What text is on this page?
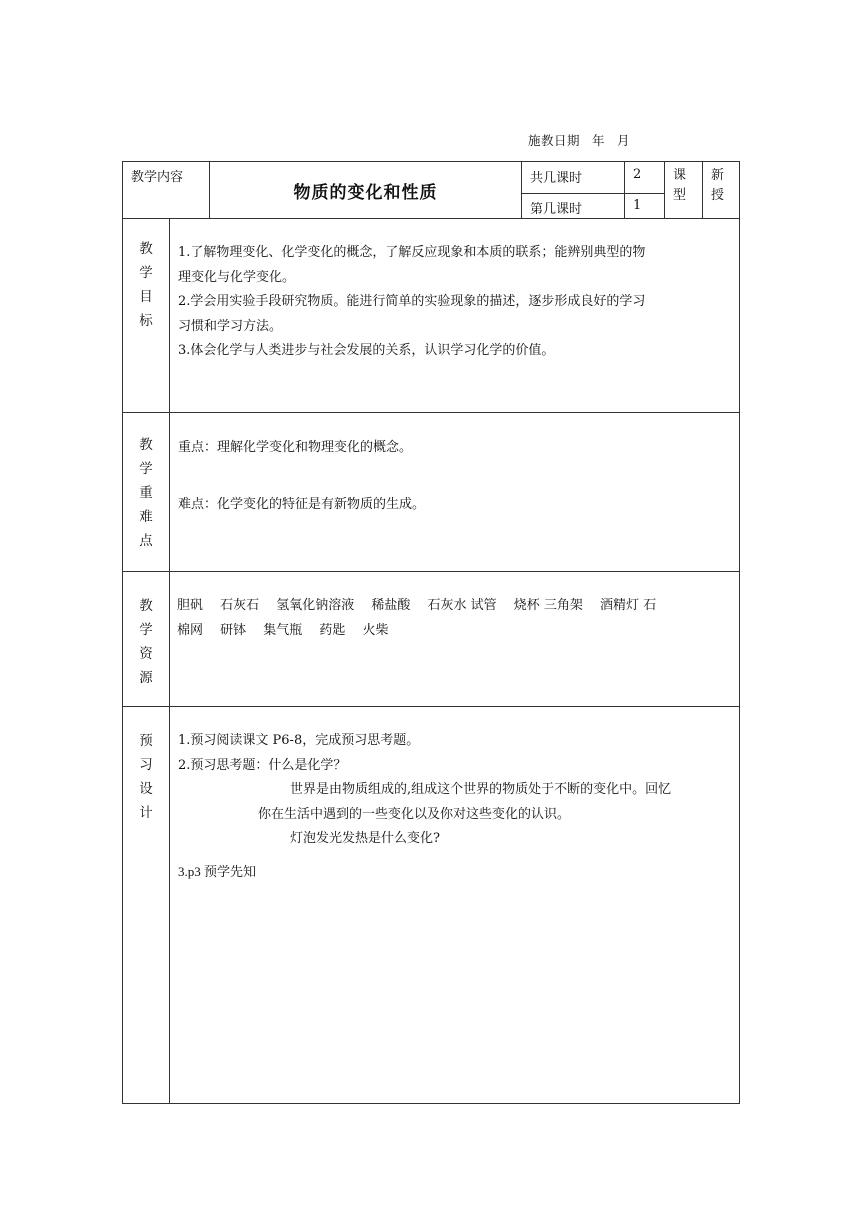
施教日期 年 月
教学内容
物质的变化和性质
共几课时	2
第几课时	1
课
型
新
授
教
学
目
标

1.了解物理变化、化学变化的概念，了解反应现象和本质的联系；能辨别典型的物

理变化与化学变化。

2.学会用实验手段研究物质。能进行简单的实验现象的描述，逐步形成良好的学习

习惯和学习方法。

3.体会化学与人类进步与社会发展的关系，认识学习化学的价值。

教
学
重
难
点

重点：理解化学变化和物理变化的概念。

难点：化学变化的特征是有新物质的生成。

教
学
资
源

胆矾　 石灰石　 氢氧化钠溶液　 稀盐酸　 石灰水 试管　 烧杯 三角架　 酒精灯 石

棉网　 研钵　 集气瓶　 药匙　 火柴

预
习
设
计

1.预习阅读课文 P6-8，完成预习思考题。

2.预习思考题：什么是化学？

世界是由物质组成的,组成这个世界的物质处于不断的变化中。回忆

你在生活中遇到的一些变化以及你对这些变化的认识。

灯泡发光发热是什么变化?

3.p3 预学先知
